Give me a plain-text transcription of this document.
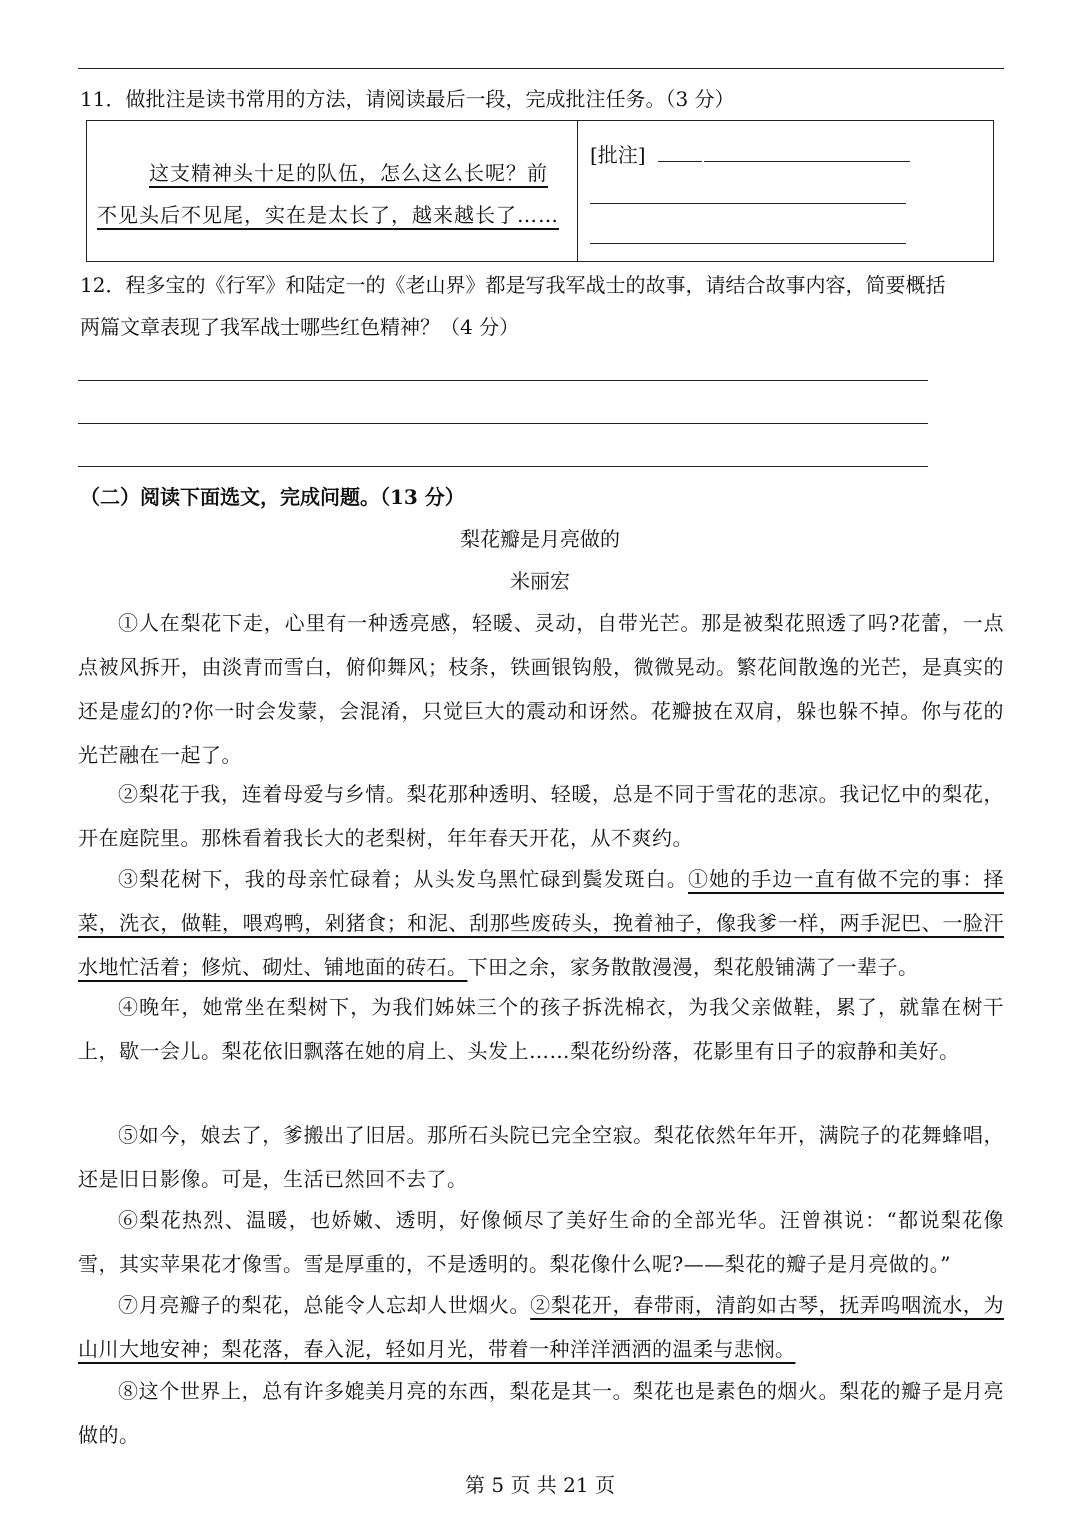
11．做批注是读书常用的方法，请阅读最后一段，完成批注任务。（3 分）
这支精神头十足的队伍，怎么这么长呢？前
不见头后不见尾，实在是太长了，越来越长了……

[批注]
12．程多宝的《行军》和陆定一的《老山界》都是写我军战士的故事，请结合故事内容，简要概括
两篇文章表现了我军战士哪些红色精神？（4 分）
（二）阅读下面选文，完成问题。（13 分）
梨花瓣是月亮做的
米丽宏
①人在梨花下走，心里有一种透亮感，轻暖、灵动，自带光芒。那是被梨花照透了吗?花蕾，一点点被风拆开，由淡青而雪白，俯仰舞风；枝条，铁画银钩般，微微晃动。繁花间散逸的光芒，是真实的还是虚幻的?你一时会发蒙，会混淆，只觉巨大的震动和讶然。花瓣披在双肩，躲也躲不掉。你与花的光芒融在一起了。
②梨花于我，连着母爱与乡情。梨花那种透明、轻暖，总是不同于雪花的悲凉。我记忆中的梨花，开在庭院里。那株看着我长大的老梨树，年年春天开花，从不爽约。
③梨花树下，我的母亲忙碌着；从头发乌黑忙碌到鬓发斑白。①她的手边一直有做不完的事：择菜，洗衣，做鞋，喂鸡鸭，剁猪食；和泥、刮那些废砖头，挽着袖子，像我爹一样，两手泥巴、一脸汗水地忙活着；修炕、砌灶、铺地面的砖石。下田之余，家务散散漫漫，梨花般铺满了一辈子。
④晚年，她常坐在梨树下，为我们姊妹三个的孩子拆洗棉衣，为我父亲做鞋，累了，就靠在树干上，歇一会儿。梨花依旧飘落在她的肩上、头发上……梨花纷纷落，花影里有日子的寂静和美好。
⑤如今，娘去了，爹搬出了旧居。那所石头院已完全空寂。梨花依然年年开，满院子的花舞蜂唱，还是旧日影像。可是，生活已然回不去了。
⑥梨花热烈、温暖，也娇嫩、透明，好像倾尽了美好生命的全部光华。汪曾祺说：“都说梨花像雪，其实苹果花才像雪。雪是厚重的，不是透明的。梨花像什么呢?——梨花的瓣子是月亮做的。”
⑦月亮瓣子的梨花，总能令人忘却人世烟火。②梨花开，春带雨，清韵如古琴，抚弄呜咽流水，为山川大地安神；梨花落，春入泥，轻如月光，带着一种洋洋洒洒的温柔与悲悯。
⑧这个世界上，总有许多媲美月亮的东西，梨花是其一。梨花也是素色的烟火。梨花的瓣子是月亮做的。
第 5 页 共 21 页
